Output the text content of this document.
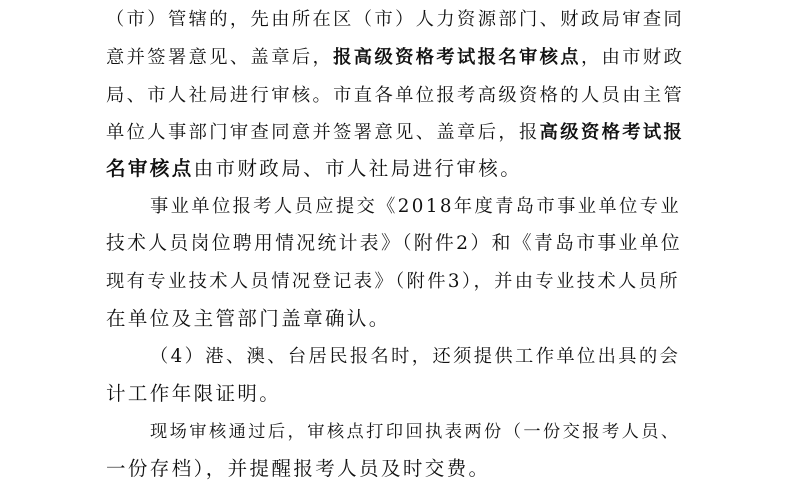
（市）管辖的，先由所在区（市）人力资源部门、财政局审查同
意并签署意见、盖章后，报高级资格考试报名审核点，由市财政
局、市人社局进行审核。市直各单位报考高级资格的人员由主管
单位人事部门审查同意并签署意见、盖章后，报高级资格考试报
名审核点由市财政局、市人社局进行审核。
事业单位报考人员应提交《2018年度青岛市事业单位专业
技术人员岗位聘用情况统计表》（附件2）和《青岛市事业单位
现有专业技术人员情况登记表》（附件3），并由专业技术人员所
在单位及主管部门盖章确认。
（4）港、澳、台居民报名时，还须提供工作单位出具的会
计工作年限证明。
现场审核通过后，审核点打印回执表两份（一份交报考人员、
一份存档），并提醒报考人员及时交费。
